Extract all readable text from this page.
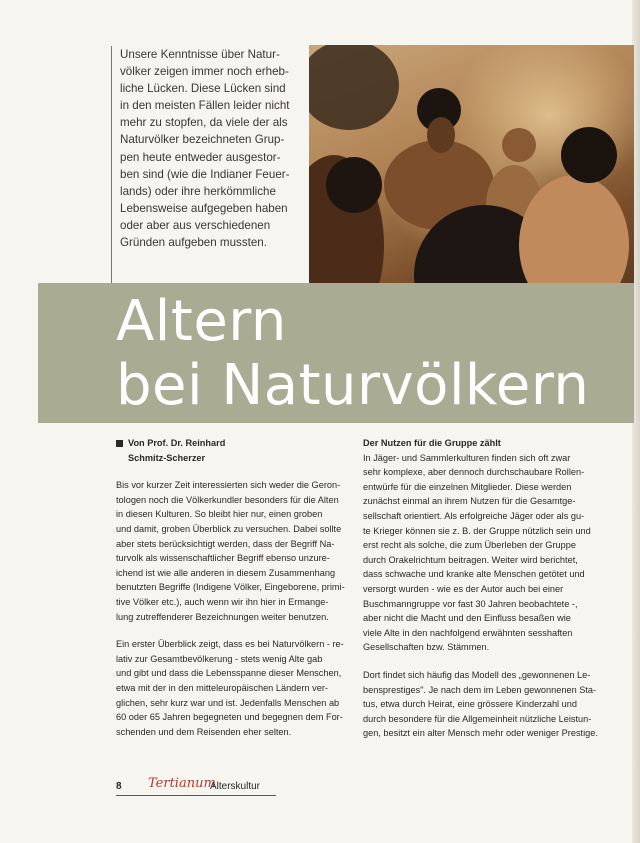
Unsere Kenntnisse über Natur-
völker zeigen immer noch erheb-
liche Lücken. Diese Lücken sind
in den meisten Fällen leider nicht
mehr zu stopfen, da viele der als
Naturvölker bezeichneten Grup-
pen heute entweder ausgestor-
ben sind (wie die Indianer Feuer-
lands) oder ihre herkömmliche
Lebensweise aufgegeben haben
oder aber aus verschiedenen
Gründen aufgeben mussten.
Altern
bei Naturvölkern
Von Prof. Dr. Reinhard
Schmitz-Scherzer
Bis vor kurzer Zeit interessierten sich weder die Geron-
tologen noch die Völkerkundler besonders für die Alten
in diesen Kulturen. So bleibt hier nur, einen groben
und damit, groben Überblick zu versuchen. Dabei sollte
aber stets berücksichtigt werden, dass der Begriff Na-
turvolk als wissenschaftlicher Begriff ebenso unzure-
ichend ist wie alle anderen in diesem Zusammenhang
benutzten Begriffe (Indigene Völker, Eingeborene, primi-
tive Völker etc.), auch wenn wir ihn hier in Ermange-
lung zutreffenderer Bezeichnungen weiter benutzen.
Ein erster Überblick zeigt, dass es bei Naturvölkern - re-
lativ zur Gesamtbevölkerung - stets wenig Alte gab
und gibt und dass die Lebensspanne dieser Menschen,
etwa mit der in den mitteleuropäischen Ländern ver-
glichen, sehr kurz war und ist. Jedenfalls Menschen ab
60 oder 65 Jahren begegneten und begegnen dem For-
schenden und dem Reisenden eher selten.
Der Nutzen für die Gruppe zählt
In Jäger- und Sammlerkulturen finden sich oft zwar
sehr komplexe, aber dennoch durchschaubare Rollen-
entwürfe für die einzelnen Mitglieder. Diese werden
zunächst einmal an ihrem Nutzen für die Gesamtge-
sellschaft orientiert. Als erfolgreiche Jäger oder als gu-
te Krieger können sie z. B. der Gruppe nützlich sein und
erst recht als solche, die zum Überleben der Gruppe
durch Orakelrichtum beitragen. Weiter wird berichtet,
dass schwache und kranke alte Menschen getötet und
versorgt wurden - wie es der Autor auch bei einer
Buschmanngruppe vor fast 30 Jahren beobachtete -,
aber nicht die Macht und den Einfluss besaßen wie
viele Alte in den nachfolgend erwähnten sesshaften
Gesellschaften bzw. Stämmen.
Dort findet sich häufig das Modell des „gewonnenen Le-
bensprestiges". Je nach dem im Leben gewonnenen Sta-
tus, etwa durch Heirat, eine grössere Kinderzahl und
durch besondere für die Allgemeinheit nützliche Leistun-
gen, besitzt ein alter Mensch mehr oder weniger Prestige.
8 Tertianum
Alterskultur
